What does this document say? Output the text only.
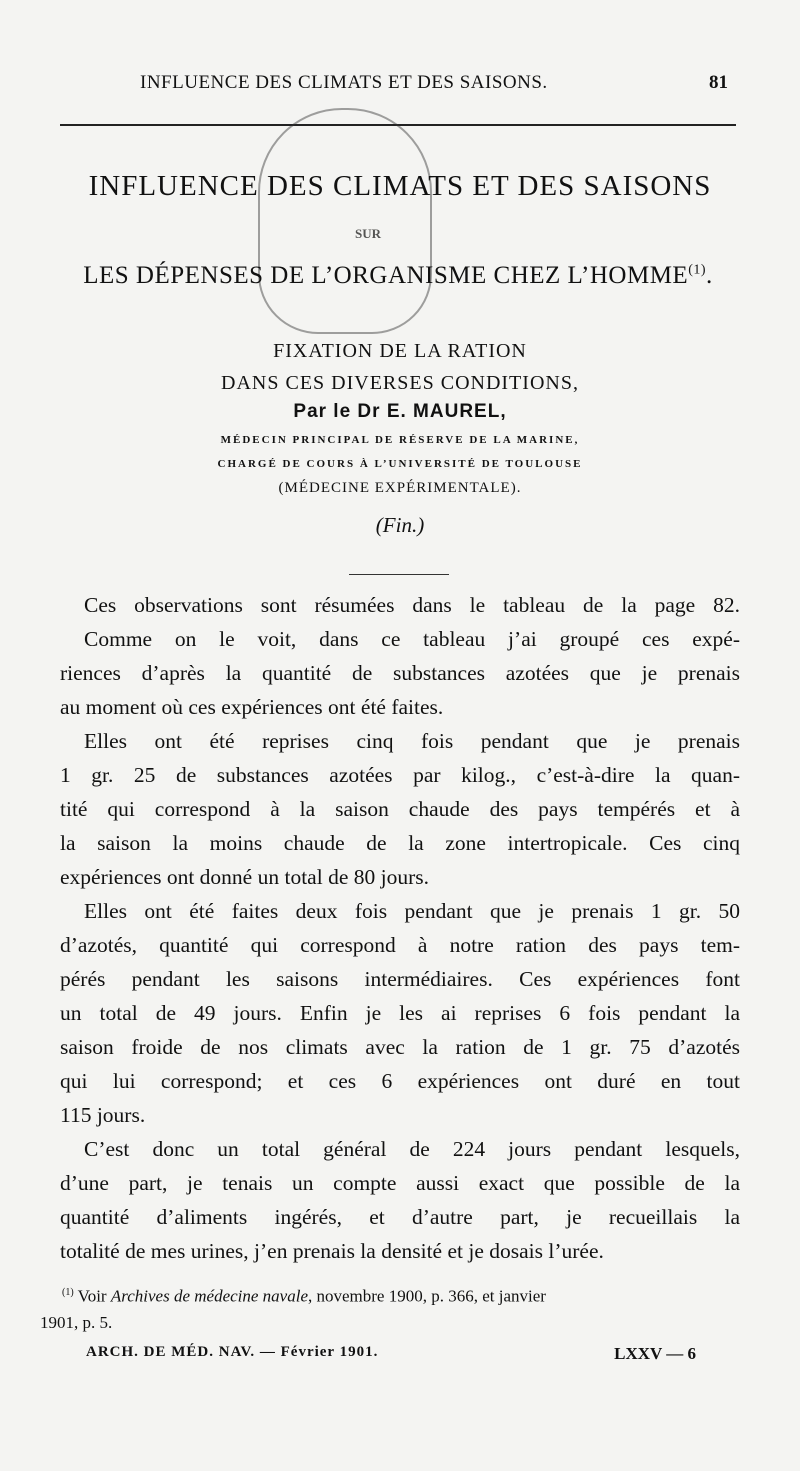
INFLUENCE DES CLIMATS ET DES SAISONS.	81
SUR
INFLUENCE DES CLIMATS ET DES SAISONS
LES DÉPENSES DE L’ORGANISME CHEZ L’HOMME$^{(1)}$.
FIXATION DE LA RATION
DANS CES DIVERSES CONDITIONS,
Par le Dr E. MAUREL,
MÉDECIN PRINCIPAL DE RÉSERVE DE LA MARINE,
CHARGÉ DE COURS À L’UNIVERSITÉ DE TOULOUSE
(MÉDECINE EXPÉRIMENTALE).
(Fin.)
Ces observations sont résumées dans le tableau de la page 82.
Comme on le voit, dans ce tableau j’ai groupé ces expé-
riences d’après la quantité de substances azotées que je prenais
au moment où ces expériences ont été faites.
Elles ont été reprises cinq fois pendant que je prenais
1 gr. 25 de substances azotées par kilog., c’est-à-dire la quan-
tité qui correspond à la saison chaude des pays tempérés et à
la saison la moins chaude de la zone intertropicale. Ces cinq
expériences ont donné un total de 80 jours.
Elles ont été faites deux fois pendant que je prenais 1 gr. 50
d’azotés, quantité qui correspond à notre ration des pays tem-
pérés pendant les saisons intermédiaires. Ces expériences font
un total de 49 jours. Enfin je les ai reprises 6 fois pendant la
saison froide de nos climats avec la ration de 1 gr. 75 d’azotés
qui lui correspond; et ces 6 expériences ont duré en tout
115 jours.
C’est donc un total général de 224 jours pendant lesquels,
d’une part, je tenais un compte aussi exact que possible de la
quantité d’aliments ingérés, et d’autre part, je recueillais la
totalité de mes urines, j’en prenais la densité et je dosais l’urée.
$^{(1)}$ Voir Archives de médecine navale, novembre 1900, p. 366, et janvier
1901, p. 5.
ARCH. DE MÉD. NAV. — Février 1901.	LXXV — 6
